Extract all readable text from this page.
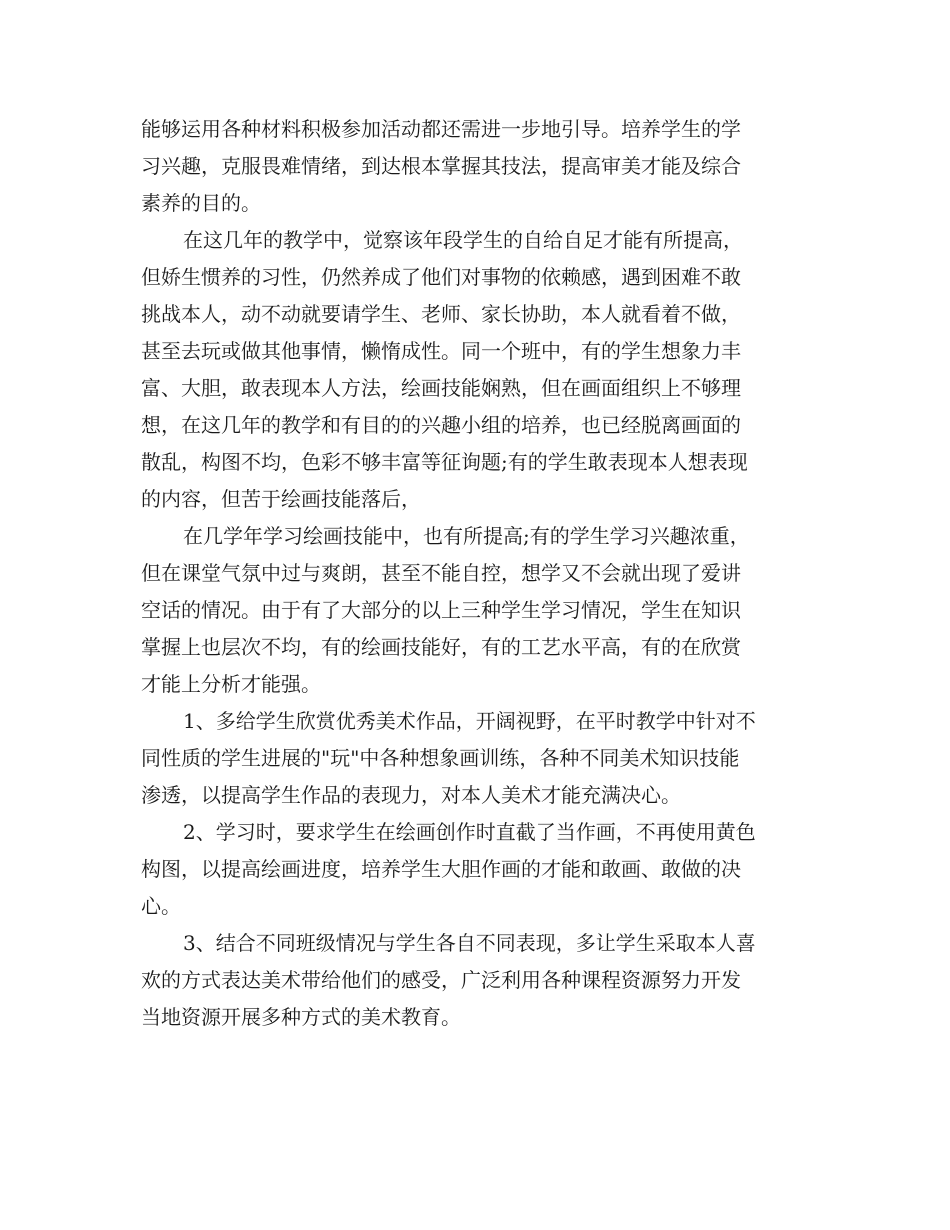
能够运用各种材料积极参加活动都还需进一步地引导。培养学生的学
习兴趣，克服畏难情绪，到达根本掌握其技法，提高审美才能及综合
素养的目的。
在这几年的教学中，觉察该年段学生的自给自足才能有所提高，
但娇生惯养的习性，仍然养成了他们对事物的依赖感，遇到困难不敢
挑战本人，动不动就要请学生、老师、家长协助，本人就看着不做，
甚至去玩或做其他事情，懒惰成性。同一个班中，有的学生想象力丰
富、大胆，敢表现本人方法，绘画技能娴熟，但在画面组织上不够理
想，在这几年的教学和有目的的兴趣小组的培养，也已经脱离画面的
散乱，构图不均，色彩不够丰富等征询题;有的学生敢表现本人想表现
的内容，但苦于绘画技能落后，
在几学年学习绘画技能中，也有所提高;有的学生学习兴趣浓重，
但在课堂气氛中过与爽朗，甚至不能自控，想学又不会就出现了爱讲
空话的情况。由于有了大部分的以上三种学生学习情况，学生在知识
掌握上也层次不均，有的绘画技能好，有的工艺水平高，有的在欣赏
才能上分析才能强。
1、多给学生欣赏优秀美术作品，开阔视野，在平时教学中针对不
同性质的学生进展的"玩"中各种想象画训练，各种不同美术知识技能
渗透，以提高学生作品的表现力，对本人美术才能充满决心。
2、学习时，要求学生在绘画创作时直截了当作画，不再使用黄色
构图，以提高绘画进度，培养学生大胆作画的才能和敢画、敢做的决
心。
3、结合不同班级情况与学生各自不同表现，多让学生采取本人喜
欢的方式表达美术带给他们的感受，广泛利用各种课程资源努力开发
当地资源开展多种方式的美术教育。
